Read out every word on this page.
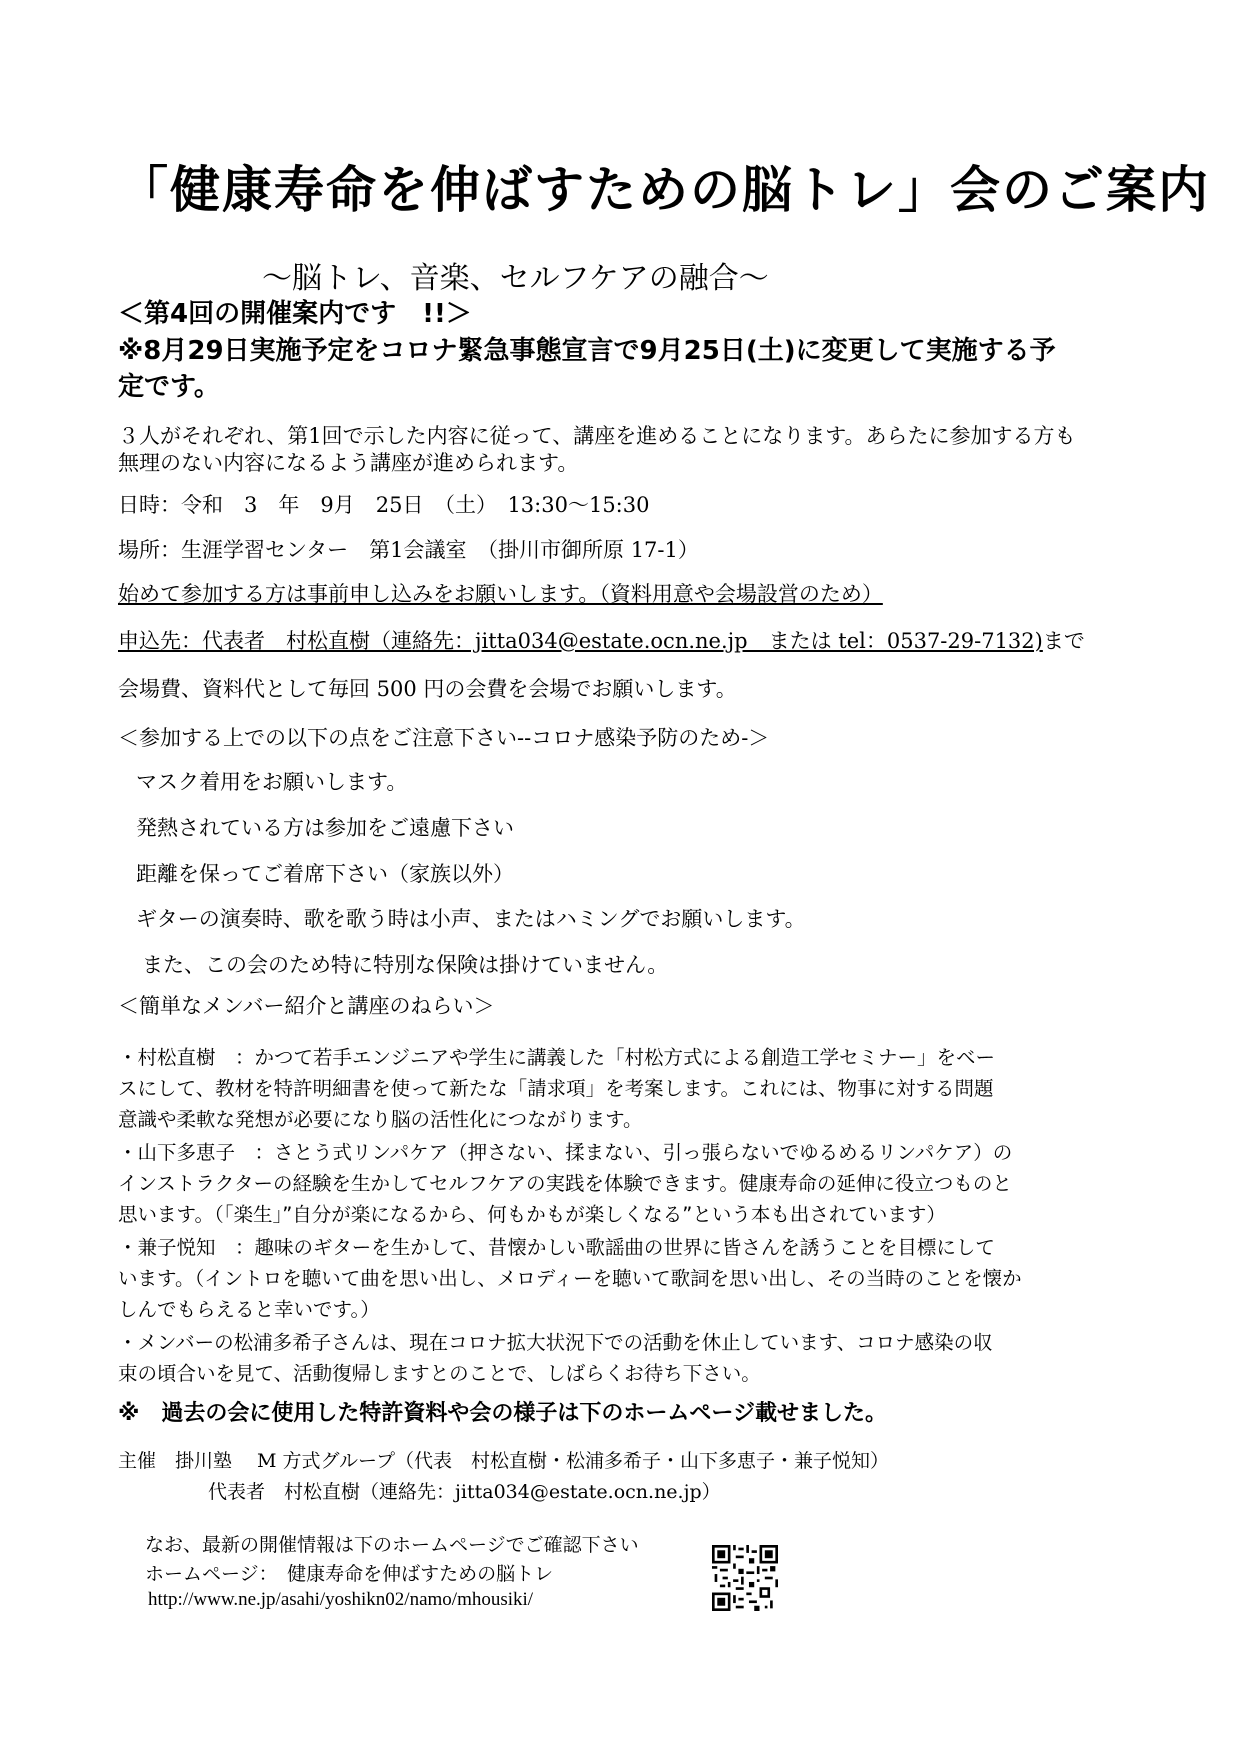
「健康寿命を伸ばすための脳トレ」会のご案内
〜脳トレ、音楽、セルフケアの融合〜
＜第4回の開催案内です　!!＞
※8月29日実施予定をコロナ緊急事態宣言で9月25日(土)に変更して実施する予
定です。
３人がそれぞれ、第1回で示した内容に従って、講座を進めることになります。あらたに参加する方も
無理のない内容になるよう講座が進められます。
日時：令和　3　年　9月　25日　（土）　13:30〜15:30
場所：生涯学習センター　第1会議室　（掛川市御所原 17-1）
始めて参加する方は事前申し込みをお願いします。（資料用意や会場設営のため）
申込先：代表者　村松直樹（連絡先：jitta034@estate.ocn.ne.jp　または tel：0537-29-7132)まで
会場費、資料代として毎回 500 円の会費を会場でお願いします。
＜参加する上での以下の点をご注意下さい--コロナ感染予防のため-＞
マスク着用をお願いします。
発熱されている方は参加をご遠慮下さい
距離を保ってご着席下さい（家族以外）
ギターの演奏時、歌を歌う時は小声、またはハミングでお願いします。
また、この会のため特に特別な保険は掛けていません。
＜簡単なメンバー紹介と講座のねらい＞
・村松直樹　：かつて若手エンジニアや学生に講義した「村松方式による創造工学セミナー」をベー
スにして、教材を特許明細書を使って新たな「請求項」を考案します。これには、物事に対する問題
意識や柔軟な発想が必要になり脳の活性化につながります。
・山下多恵子　：さとう式リンパケア（押さない、揉まない、引っ張らないでゆるめるリンパケア）の
インストラクターの経験を生かしてセルフケアの実践を体験できます。健康寿命の延伸に役立つものと
思います。（「楽生」”自分が楽になるから、何もかもが楽しくなる”という本も出されています）
・兼子悦知　：趣味のギターを生かして、昔懐かしい歌謡曲の世界に皆さんを誘うことを目標にして
います。（イントロを聴いて曲を思い出し、メロディーを聴いて歌詞を思い出し、その当時のことを懐か
しんでもらえると幸いです。）
・メンバーの松浦多希子さんは、現在コロナ拡大状況下での活動を休止しています、コロナ感染の収
束の頃合いを見て、活動復帰しますとのことで、しばらくお待ち下さい。
※　過去の会に使用した特許資料や会の様子は下のホームページ載せました。
主催　掛川塾　 M 方式グループ（代表　村松直樹・松浦多希子・山下多恵子・兼子悦知）
代表者　村松直樹（連絡先：jitta034@estate.ocn.ne.jp）
なお、最新の開催情報は下のホームページでご確認下さい
ホームページ：　健康寿命を伸ばすための脳トレ
http://www.ne.jp/asahi/yoshikn02/namo/mhousiki/
